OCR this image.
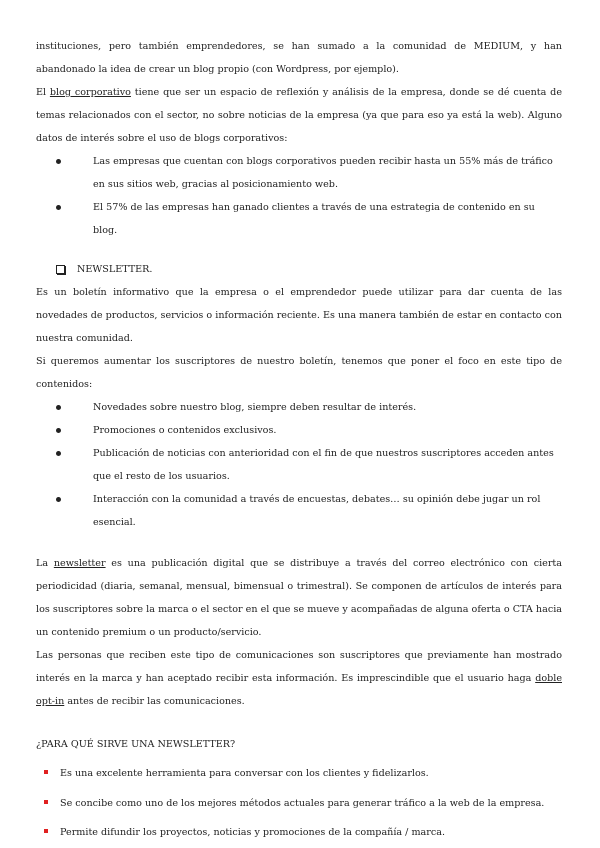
instituciones, pero también emprendedores, se han sumado a la comunidad de MEDIUM, y han abandonado la idea de crear un blog propio (con Wordpress, por ejemplo).

El blog corporativo tiene que ser un espacio de reflexión y análisis de la empresa, donde se dé cuenta de temas relacionados con el sector, no sobre noticias de la empresa (ya que para eso ya está la web). Alguno datos de interés sobre el uso de blogs corporativos:

Las empresas que cuentan con blogs corporativos pueden recibir hasta un 55% más de tráfico en sus sitios web, gracias al posicionamiento web.
El 57% de las empresas han ganado clientes a través de una estrategia de contenido en su blog.
NEWSLETTER.

Es un boletín informativo que la empresa o el emprendedor puede utilizar para dar cuenta de las novedades de productos, servicios o información reciente. Es una manera también de estar en contacto con nuestra comunidad.

Si queremos aumentar los suscriptores de nuestro boletín, tenemos que poner el foco en este tipo de contenidos:

Novedades sobre nuestro blog, siempre deben resultar de interés.
Promociones o contenidos exclusivos.
Publicación de noticias con anterioridad con el fin de que nuestros suscriptores acceden antes que el resto de los usuarios.
Interacción con la comunidad a través de encuestas, debates… su opinión debe jugar un rol esencial.

La newsletter es una publicación digital que se distribuye a través del correo electrónico con cierta periodicidad (diaria, semanal, mensual, bimensual o trimestral). Se componen de artículos de interés para los suscriptores sobre la marca o el sector en el que se mueve y acompañadas de alguna oferta o CTA hacia un contenido premium o un producto/servicio.

Las personas que reciben este tipo de comunicaciones son suscriptores que previamente han mostrado interés en la marca y han aceptado recibir esta información. Es imprescindible que el usuario haga doble opt-in antes de recibir las comunicaciones.

¿PARA QUÉ SIRVE UNA NEWSLETTER?

Es una excelente herramienta para conversar con los clientes y fidelizarlos.
Se concibe como uno de los mejores métodos actuales para generar tráfico a la web de la empresa.
Permite difundir los proyectos, noticias y promociones de la compañía / marca.
